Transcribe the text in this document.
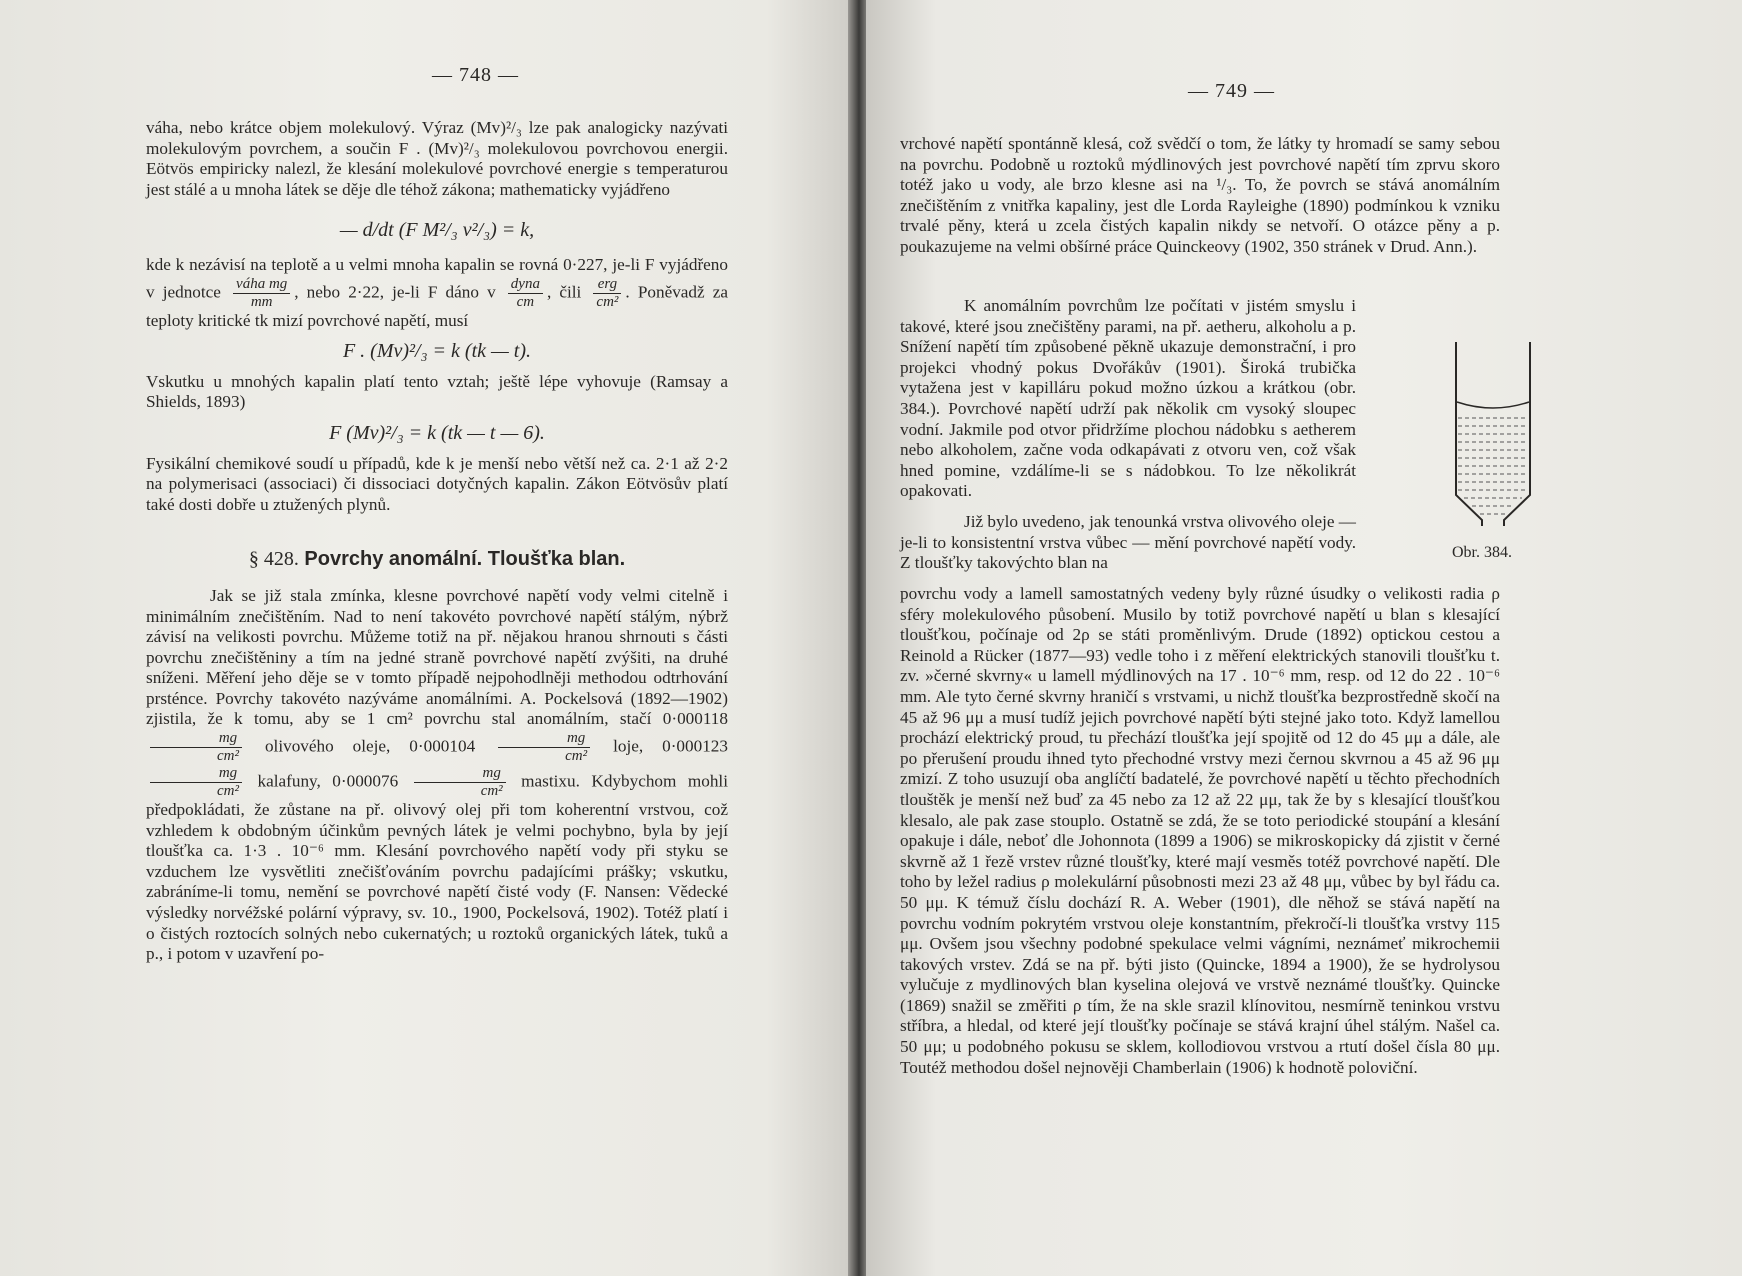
— 748 —

váha, nebo krátce objem molekulový. Výraz (Mv)²/₃ lze pak analogicky nazývati molekulovým povrchem, a součin F . (Mv)²/₃ molekulovou povrchovou energii. Eötvös empiricky nalezl, že klesání molekulové povrchové energie s temperaturou jest stálé a u mnoha látek se děje dle téhož zákona; mathematicky vyjádřeno

— d/dt (F M²/₃ v²/₃) = k,

kde k nezávisí na teplotě a u velmi mnoha kapalin se rovná 0·227, je-li F vyjádřeno v jednotce $\frac{\text{váha mg}}{mm}$ , nebo 2·22, je-li F dáno v $\frac{\text{dyna}}{cm}$ , čili $\frac{\text{erg}}{\text{cm²}}$ . Poněvadž za teploty kritické tk mizí povrchové napětí, musí

F . (Mv)²/₃ = k (tk — t).

Vskutku u mnohých kapalin platí tento vztah; ještě lépe vyhovuje (Ramsay a Shields, 1893)

F (Mv)²/₃ = k (tk — t — 6).

Fysikální chemikové soudí u případů, kde k je menší nebo větší než ca. 2·1 až 2·2 na polymerisaci (associaci) či dissociaci dotyčných kapalin. Zákon Eötvösův platí také dosti dobře u ztužených plynů.

§ 428. Povrchy anomální. Tloušťka blan.

Jak se již stala zmínka, klesne povrchové napětí vody velmi citelně i minimálním znečištěním. Nad to není takovéto povrchové napětí stálým, nýbrž závisí na velikosti povrchu. Můžeme totiž na př. nějakou hranou shrnouti s části povrchu znečištěniny a tím na jedné straně povrchové napětí zvýšiti, na druhé sníženi. Měření jeho děje se v tomto případě nejpohodlněji methodou odtrhování prsténce. Povrchy takovéto nazýváme anomálními. A. Pockelsová (1892—1902) zjistila, že k tomu, aby se 1 cm² povrchu stal anomálním, stačí 0·000118
$\frac{mg}{\text{cm²}}$ olivového oleje, $0\cdot 000104 \frac{mg}{\text{cm²}}$ loje, 0·000123
$\frac{mg}{\text{cm²}}$ kalafuny, $0\cdot 000076 \frac{mg}{\text{cm²}}$ mastixu. Kdybychom mohli předpokládati, že zůstane na př. olivový olej při tom koherentní vrstvou, což vzhledem k obdobným účinkům pevných látek je velmi pochybno, byla by její tloušťka ca. 1·3 . 10⁻⁶ mm. Klesání povrchového napětí vody při styku se vzduchem lze vysvětliti znečišťováním povrchu padajícími prášky; vskutku, zabráníme-li tomu, nemění se povrchové napětí čisté vody (F. Nansen: Vědecké výsledky norvéžské polární výpravy, sv. 10., 1900, Pockelsová, 1902). Totéž platí i o čistých roztocích solných nebo cukernatých; u roztoků organických látek, tuků a p., i potom v uzavření po-

— 749 —

vrchové napětí spontánně klesá, což svědčí o tom, že látky ty hromadí se samy sebou na povrchu. Podobně u roztoků mýdlinových jest povrchové napětí tím zprvu skoro totéž jako u vody, ale brzo klesne asi na ¹/₃. To, že povrch se stává anomálním znečištěním z vnitřka kapaliny, jest dle Lorda Rayleighe (1890) podmínkou k vzniku trvalé pěny, která u zcela čistých kapalin nikdy se netvoří. O otázce pěny a p. poukazujeme na velmi obšírné práce Quinckeovy (1902, 350 stránek v Drud. Ann.).

K anomálním povrchům lze počítati v jistém smyslu i takové, které jsou znečištěny parami, na př. aetheru, alkoholu a p. Snížení napětí tím způsobené pěkně ukazuje demonstrační, i pro projekci vhodný pokus Dvořákův (1901). Široká trubička vytažena jest v kapilláru pokud možno úzkou a krátkou (obr. 384.). Povrchové napětí udrží pak několik cm vysoký sloupec vodní. Jakmile pod otvor přidržíme plochou nádobku s aetherem nebo alkoholem, začne voda odkapávati z otvoru ven, což však hned pomine, vzdálíme-li se s nádobkou. To lze několikrát opakovati.

Již bylo uvedeno, jak tenounká vrstva olivového oleje — je-li to konsistentní vrstva vůbec — mění povrchové napětí vody. Z tloušťky takovýchto blan na

Obr. 384.

povrchu vody a lamell samostatných vedeny byly různé úsudky o velikosti radia ρ sféry molekulového působení. Musilo by totiž povrchové napětí u blan s klesající tloušťkou, počínaje od 2ρ se státi proměnlivým. Drude (1892) optickou cestou a Reinold a Rücker (1877—93) vedle toho i z měření elektrických stanovili tloušťku t. zv. »černé skvrny« u lamell mýdlinových na 17 . 10⁻⁶ mm, resp. od 12 do 22 . 10⁻⁶ mm. Ale tyto černé skvrny hraničí s vrstvami, u nichž tloušťka bezprostředně skočí na 45 až 96 μμ a musí tudíž jejich povrchové napětí býti stejné jako toto. Když lamellou prochází elektrický proud, tu přechází tloušťka její spojitě od 12 do 45 μμ a dále, ale po přerušení proudu ihned tyto přechodné vrstvy mezi černou skvrnou a 45 až 96 μμ zmizí. Z toho usuzují oba anglíčtí badatelé, že povrchové napětí u těchto přechodních tlouštěk je menší než buď za 45 nebo za 12 až 22 μμ, tak že by s klesající tloušťkou klesalo, ale pak zase stouplo. Ostatně se zdá, že se toto periodické stoupání a klesání opakuje i dále, neboť dle Johonnota (1899 a 1906) se mikroskopicky dá zjistit v černé skvrně až 1 řezě vrstev různé tloušťky, které mají vesměs totéž povrchové napětí. Dle toho by ležel radius ρ molekulární působnosti mezi 23 až 48 μμ, vůbec by byl řádu ca. 50 μμ. K témuž číslu dochází R. A. Weber (1901), dle něhož se stává napětí na povrchu vodním pokrytém vrstvou oleje konstantním, překročí-li tloušťka vrstvy 115 μμ. Ovšem jsou všechny podobné spekulace velmi vágními, neznámeť mikrochemii takových vrstev. Zdá se na př. býti jisto (Quincke, 1894 a 1900), že se hydrolysou vylučuje z mydlinových blan kyselina olejová ve vrstvě neznámé tloušťky. Quincke (1869) snažil se změřiti ρ tím, že na skle srazil klínovitou, nesmírně teninkou vrstvu stříbra, a hledal, od které její tloušťky počínaje se stává krajní úhel stálým. Našel ca. 50 μμ; u podobného pokusu se sklem, kollodiovou vrstvou a rtutí došel čísla 80 μμ. Toutéž methodou došel nejnověji Chamberlain (1906) k hodnotě poloviční.
